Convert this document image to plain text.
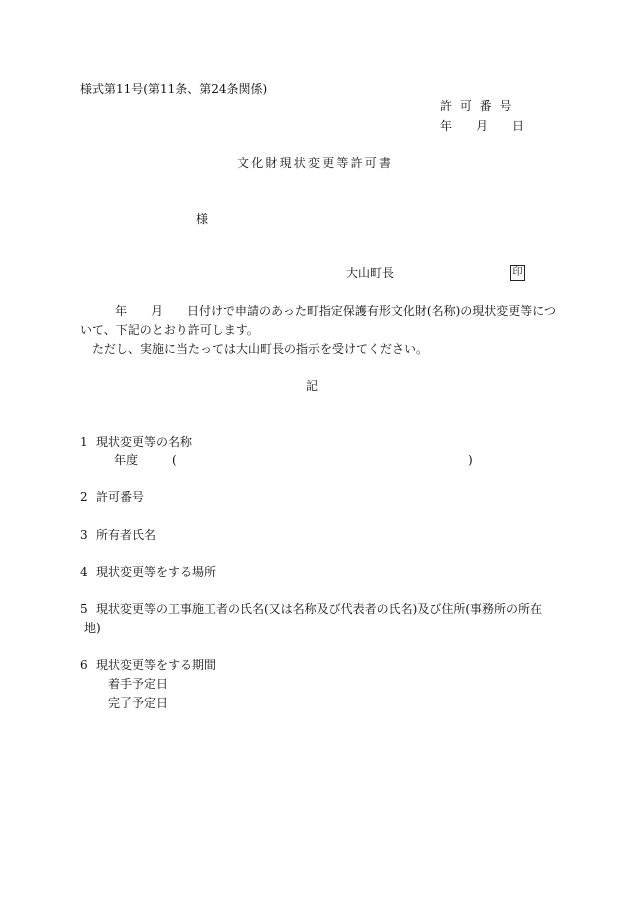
様式第11号(第11条、第24条関係)
許 可 番 号
年　　月　　日
文化財現状変更等許可書
様
大山町長	印
年　　月　　日付けで申請のあった町指定保護有形文化財(名称)の現状変更等につ
いて、下記のとおり許可します。
ただし、実施に当たっては大山町長の指示を受けてください。
記
1 現状変更等の名称
年度	(	)
2 許可番号
3 所有者氏名
4 現状変更等をする場所
5 現状変更等の工事施工者の氏名(又は名称及び代表者の氏名)及び住所(事務所の所在
地)
6 現状変更等をする期間
着手予定日
完了予定日
